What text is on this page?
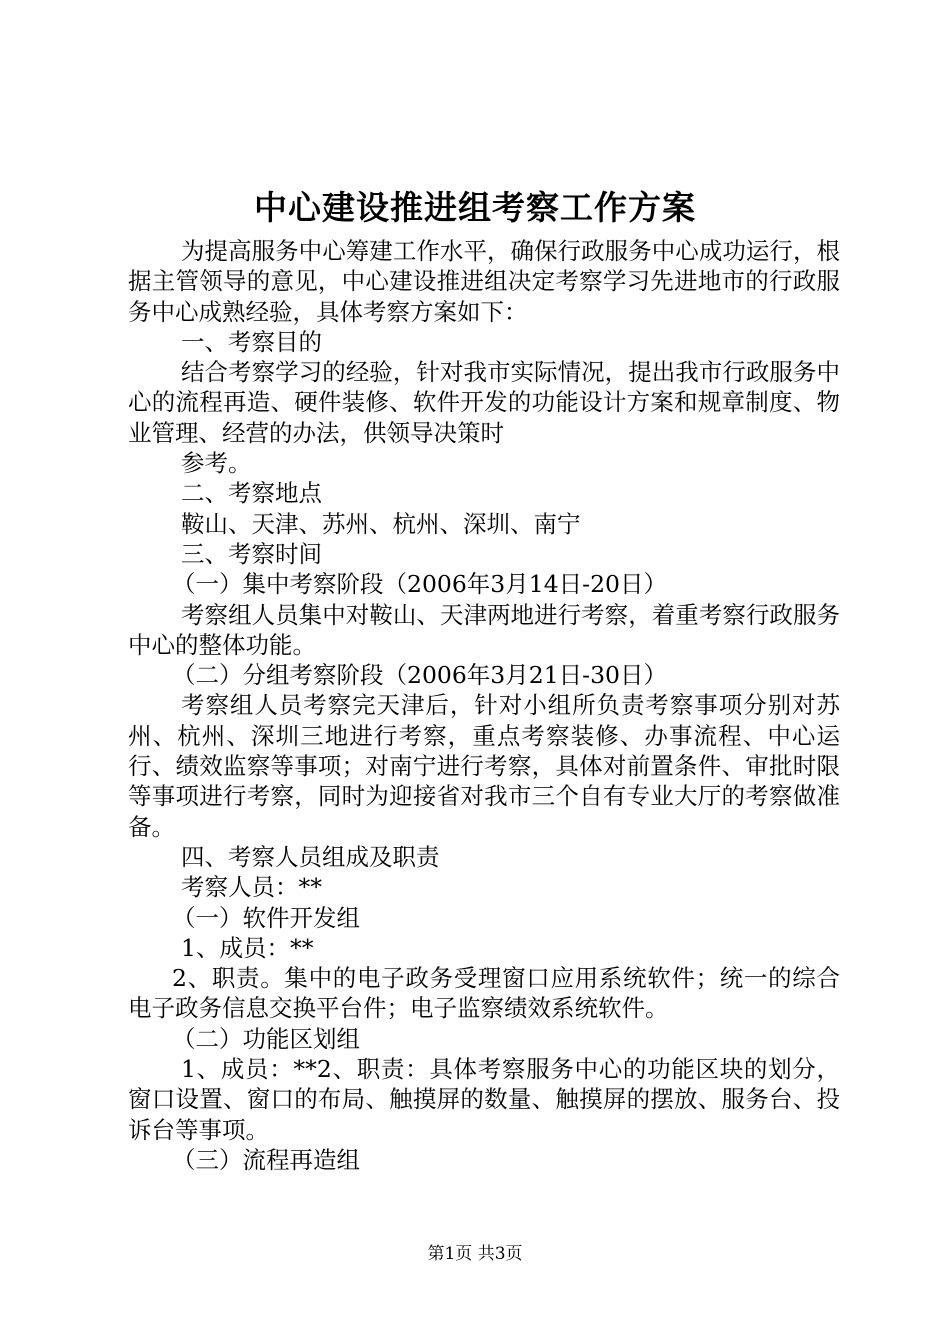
中心建设推进组考察工作方案

为提高服务中心筹建工作水平，确保行政服务中心成功运行，根据主管领导的意见，中心建设推进组决定考察学习先进地市的行政服务中心成熟经验，具体考察方案如下：

一、考察目的

结合考察学习的经验，针对我市实际情况，提出我市行政服务中心的流程再造、硬件装修、软件开发的功能设计方案和规章制度、物业管理、经营的办法，供领导决策时

参考。

二、考察地点

鞍山、天津、苏州、杭州、深圳、南宁

三、考察时间

（一）集中考察阶段（2006年3月14日-20日）

考察组人员集中对鞍山、天津两地进行考察，着重考察行政服务中心的整体功能。

（二）分组考察阶段（2006年3月21日-30日）

考察组人员考察完天津后，针对小组所负责考察事项分别对苏州、杭州、深圳三地进行考察，重点考察装修、办事流程、中心运行、绩效监察等事项；对南宁进行考察，具体对前置条件、审批时限等事项进行考察，同时为迎接省对我市三个自有专业大厅的考察做准备。

四、考察人员组成及职责

考察人员：**

（一）软件开发组

1、成员：**

2、职责。集中的电子政务受理窗口应用系统软件；统一的综合电子政务信息交换平台件；电子监察绩效系统软件。

（二）功能区划组

1、成员：**2、职责：具体考察服务中心的功能区块的划分，窗口设置、窗口的布局、触摸屏的数量、触摸屏的摆放、服务台、投诉台等事项。

（三）流程再造组

第1页 共3页
